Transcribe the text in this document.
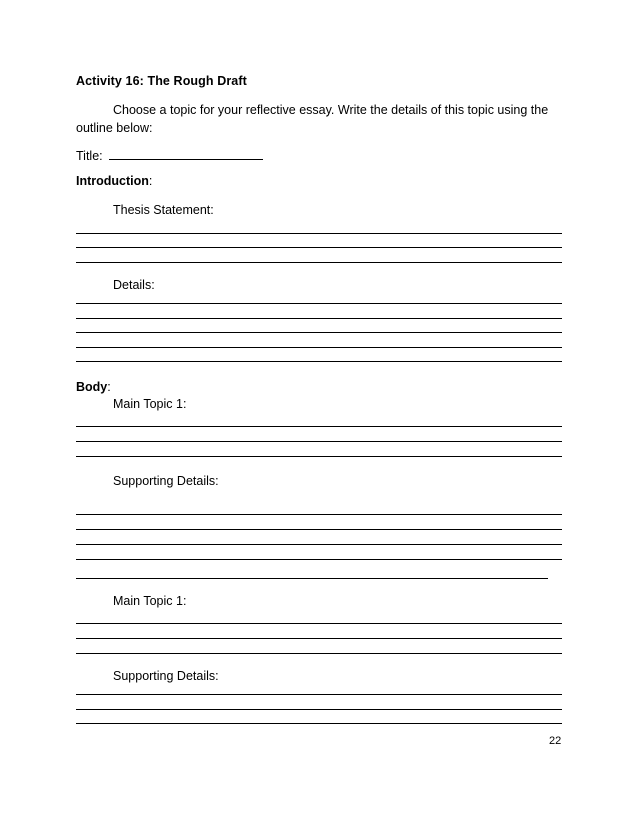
Activity 16: The Rough Draft
Choose a topic for your reflective essay. Write the details of this topic using the
outline below:
Title:
Introduction:
Thesis Statement:
Details:
Body:
Main Topic 1:
Supporting Details:
Main Topic 1:
Supporting Details:
22
